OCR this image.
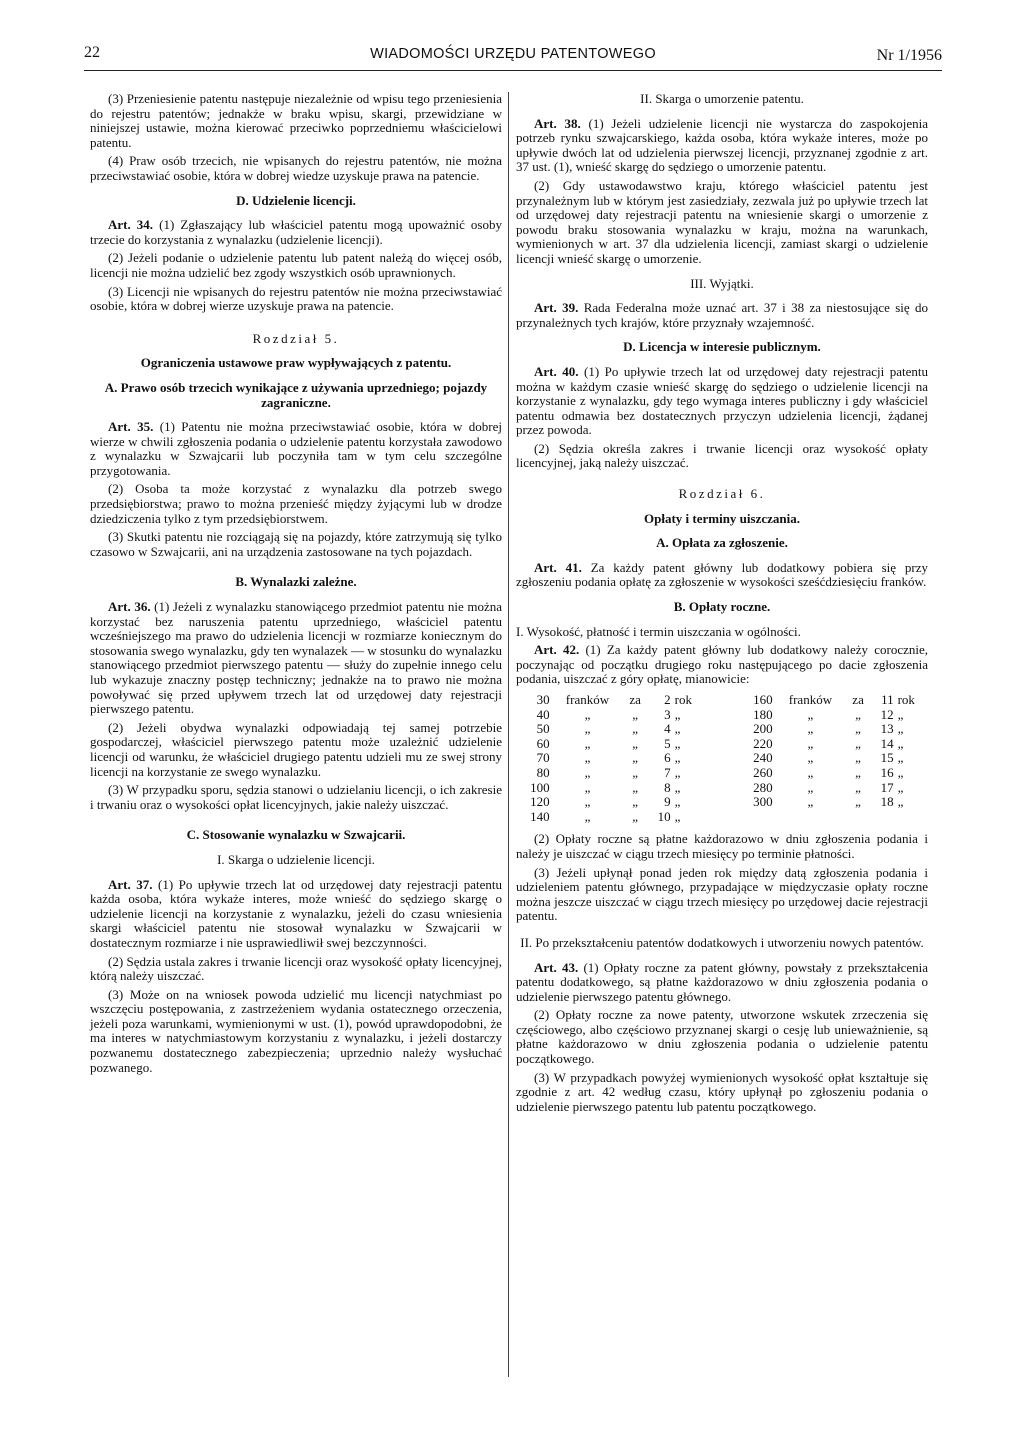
22	WIADOMOŚCI URZĘDU PATENTOWEGO	Nr 1/1956

(3) Przeniesienie patentu następuje niezależnie od wpisu tego przeniesienia do rejestru patentów; jednakże w braku wpisu, skargi, przewidziane w niniejszej ustawie, można kierować przeciwko poprzedniemu właścicielowi patentu.

(4) Praw osób trzecich, nie wpisanych do rejestru patentów, nie można przeciwstawiać osobie, która w dobrej wiedze uzyskuje prawa na patencie.

D. Udzielenie licencji.

Art. 34. (1) Zgłaszający lub właściciel patentu mogą upoważnić osoby trzecie do korzystania z wynalazku (udzielenie licencji).

(2) Jeżeli podanie o udzielenie patentu lub patent należą do więcej osób, licencji nie można udzielić bez zgody wszystkich osób uprawnionych.

(3) Licencji nie wpisanych do rejestru patentów nie można przeciwstawiać osobie, która w dobrej wierze uzyskuje prawa na patencie.

Rozdział 5.

Ograniczenia ustawowe praw wypływających z patentu.

A. Prawo osób trzecich wynikające z używania uprzedniego; pojazdy zagraniczne.

Art. 35. (1) Patentu nie można przeciwstawiać osobie, która w dobrej wierze w chwili zgłoszenia podania o udzielenie patentu korzystała zawodowo z wynalazku w Szwajcarii lub poczyniła tam w tym celu szczególne przygotowania.

(2) Osoba ta może korzystać z wynalazku dla potrzeb swego przedsiębiorstwa; prawo to można przenieść między żyjącymi lub w drodze dziedziczenia tylko z tym przedsiębiorstwem.

(3) Skutki patentu nie rozciągają się na pojazdy, które zatrzymują się tylko czasowo w Szwajcarii, ani na urządzenia zastosowane na tych pojazdach.

B. Wynalazki zależne.

Art. 36. (1) Jeżeli z wynalazku stanowiącego przedmiot patentu nie można korzystać bez naruszenia patentu uprzedniego, właściciel patentu wcześniejszego ma prawo do udzielenia licencji w rozmiarze koniecznym do stosowania swego wynalazku, gdy ten wynalazek — w stosunku do wynalazku stanowiącego przedmiot pierwszego patentu — służy do zupełnie innego celu lub wykazuje znaczny postęp techniczny; jednakże na to prawo nie można powoływać się przed upływem trzech lat od urzędowej daty rejestracji pierwszego patentu.

(2) Jeżeli obydwa wynalazki odpowiadają tej samej potrzebie gospodarczej, właściciel pierwszego patentu może uzależnić udzielenie licencji od warunku, że właściciel drugiego patentu udzieli mu ze swej strony licencji na korzystanie ze swego wynalazku.

(3) W przypadku sporu, sędzia stanowi o udzielaniu licencji, o ich zakresie i trwaniu oraz o wysokości opłat licencyjnych, jakie należy uiszczać.

C. Stosowanie wynalazku w Szwajcarii.

I. Skarga o udzielenie licencji.

Art. 37. (1) Po upływie trzech lat od urzędowej daty rejestracji patentu każda osoba, która wykaże interes, może wnieść do sędziego skargę o udzielenie licencji na korzystanie z wynalazku, jeżeli do czasu wniesienia skargi właściciel patentu nie stosował wynalazku w Szwajcarii w dostatecznym rozmiarze i nie usprawiedliwił swej bezczynności.

(2) Sędzia ustala zakres i trwanie licencji oraz wysokość opłaty licencyjnej, którą należy uiszczać.

(3) Może on na wniosek powoda udzielić mu licencji natychmiast po wszczęciu postępowania, z zastrzeżeniem wydania ostatecznego orzeczenia, jeżeli poza warunkami, wymienionymi w ust. (1), powód uprawdopodobni, że ma interes w natychmiastowym korzystaniu z wynalazku, i jeżeli dostarczy pozwanemu dostatecznego zabezpieczenia; uprzednio należy wysłuchać pozwanego.

II. Skarga o umorzenie patentu.

Art. 38. (1) Jeżeli udzielenie licencji nie wystarcza do zaspokojenia potrzeb rynku szwajcarskiego, każda osoba, która wykaże interes, może po upływie dwóch lat od udzielenia pierwszej licencji, przyznanej zgodnie z art. 37 ust. (1), wnieść skargę do sędziego o umorzenie patentu.

(2) Gdy ustawodawstwo kraju, którego właściciel patentu jest przynależnym lub w którym jest zasiedziały, zezwala już po upływie trzech lat od urzędowej daty rejestracji patentu na wniesienie skargi o umorzenie z powodu braku stosowania wynalazku w kraju, można na warunkach, wymienionych w art. 37 dla udzielenia licencji, zamiast skargi o udzielenie licencji wnieść skargę o umorzenie.

III. Wyjątki.

Art. 39. Rada Federalna może uznać art. 37 i 38 za niestosujące się do przynależnych tych krajów, które przyznały wzajemność.

D. Licencja w interesie publicznym.

Art. 40. (1) Po upływie trzech lat od urzędowej daty rejestracji patentu można w każdym czasie wnieść skargę do sędziego o udzielenie licencji na korzystanie z wynalazku, gdy tego wymaga interes publiczny i gdy właściciel patentu odmawia bez dostatecznych przyczyn udzielenia licencji, żądanej przez powoda.

(2) Sędzia określa zakres i trwanie licencji oraz wysokość opłaty licencyjnej, jaką należy uiszczać.

Rozdział 6.

Opłaty i terminy uiszczania.

A. Opłata za zgłoszenie.

Art. 41. Za każdy patent główny lub dodatkowy pobiera się przy zgłoszeniu podania opłatę za zgłoszenie w wysokości sześćdziesięciu franków.

B. Opłaty roczne.

I. Wysokość, płatność i termin uiszczania w ogólności.

Art. 42. (1) Za każdy patent główny lub dodatkowy należy corocznie, poczynając od początku drugiego roku następującego po dacie zgłoszenia podania, uiszczać z góry opłatę, mianowicie:

30	franków	za	2	rok		160	franków	za	11	rok
40	„	„	3	„		180	„	„	12	„
50	„	„	4	„		200	„	„	13	„
60	„	„	5	„		220	„	„	14	„
70	„	„	6	„		240	„	„	15	„
80	„	„	7	„		260	„	„	16	„
100	„	„	8	„		280	„	„	17	„
120	„	„	9	„		300	„	„	18	„
140	„	„	10	„						

(2) Opłaty roczne są płatne każdorazowo w dniu zgłoszenia podania i należy je uiszczać w ciągu trzech miesięcy po terminie płatności.

(3) Jeżeli upłynął ponad jeden rok między datą zgłoszenia podania i udzieleniem patentu głównego, przypadające w międzyczasie opłaty roczne można jeszcze uiszczać w ciągu trzech miesięcy po urzędowej dacie rejestracji patentu.

II. Po przekształceniu patentów dodatkowych i utworzeniu nowych patentów.

Art. 43. (1) Opłaty roczne za patent główny, powstały z przekształcenia patentu dodatkowego, są płatne każdorazowo w dniu zgłoszenia podania o udzielenie pierwszego patentu głównego.

(2) Opłaty roczne za nowe patenty, utworzone wskutek zrzeczenia się częściowego, albo częściowo przyznanej skargi o cesję lub unieważnienie, są płatne każdorazowo w dniu zgłoszenia podania o udzielenie patentu początkowego.

(3) W przypadkach powyżej wymienionych wysokość opłat kształtuje się zgodnie z art. 42 według czasu, który upłynął po zgłoszeniu podania o udzielenie pierwszego patentu lub patentu początkowego.
